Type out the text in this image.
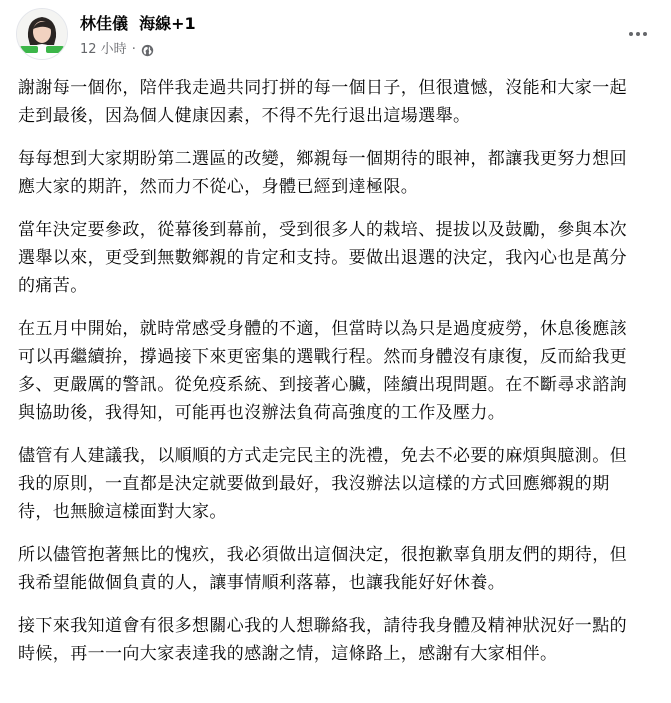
林佳儀 海線+1
12 小時 ·

謝謝每一個你，陪伴我走過共同打拼的每一個日子，但很遺憾，沒能和大家一起走到最後，因為個人健康因素，不得不先行退出這場選舉。

每每想到大家期盼第二選區的改變，鄉親每一個期待的眼神，都讓我更努力想回應大家的期許，然而力不從心，身體已經到達極限。

當年決定要參政，從幕後到幕前，受到很多人的栽培、提拔以及鼓勵，參與本次選舉以來，更受到無數鄉親的肯定和支持。要做出退選的決定，我內心也是萬分的痛苦。

在五月中開始，就時常感受身體的不適，但當時以為只是過度疲勞，休息後應該可以再繼續拚，撐過接下來更密集的選戰行程。然而身體沒有康復，反而給我更多、更嚴厲的警訊。從免疫系統、到接著心臟，陸續出現問題。在不斷尋求諮詢與協助後，我得知，可能再也沒辦法負荷高強度的工作及壓力。

儘管有人建議我，以順順的方式走完民主的洗禮，免去不必要的麻煩與臆測。但我的原則，一直都是決定就要做到最好，我沒辦法以這樣的方式回應鄉親的期待，也無臉這樣面對大家。

所以儘管抱著無比的愧疚，我必須做出這個決定，很抱歉辜負朋友們的期待，但我希望能做個負責的人，讓事情順利落幕，也讓我能好好休養。

接下來我知道會有很多想關心我的人想聯絡我，請待我身體及精神狀況好一點的時候，再一一向大家表達我的感謝之情，這條路上，感謝有大家相伴。
